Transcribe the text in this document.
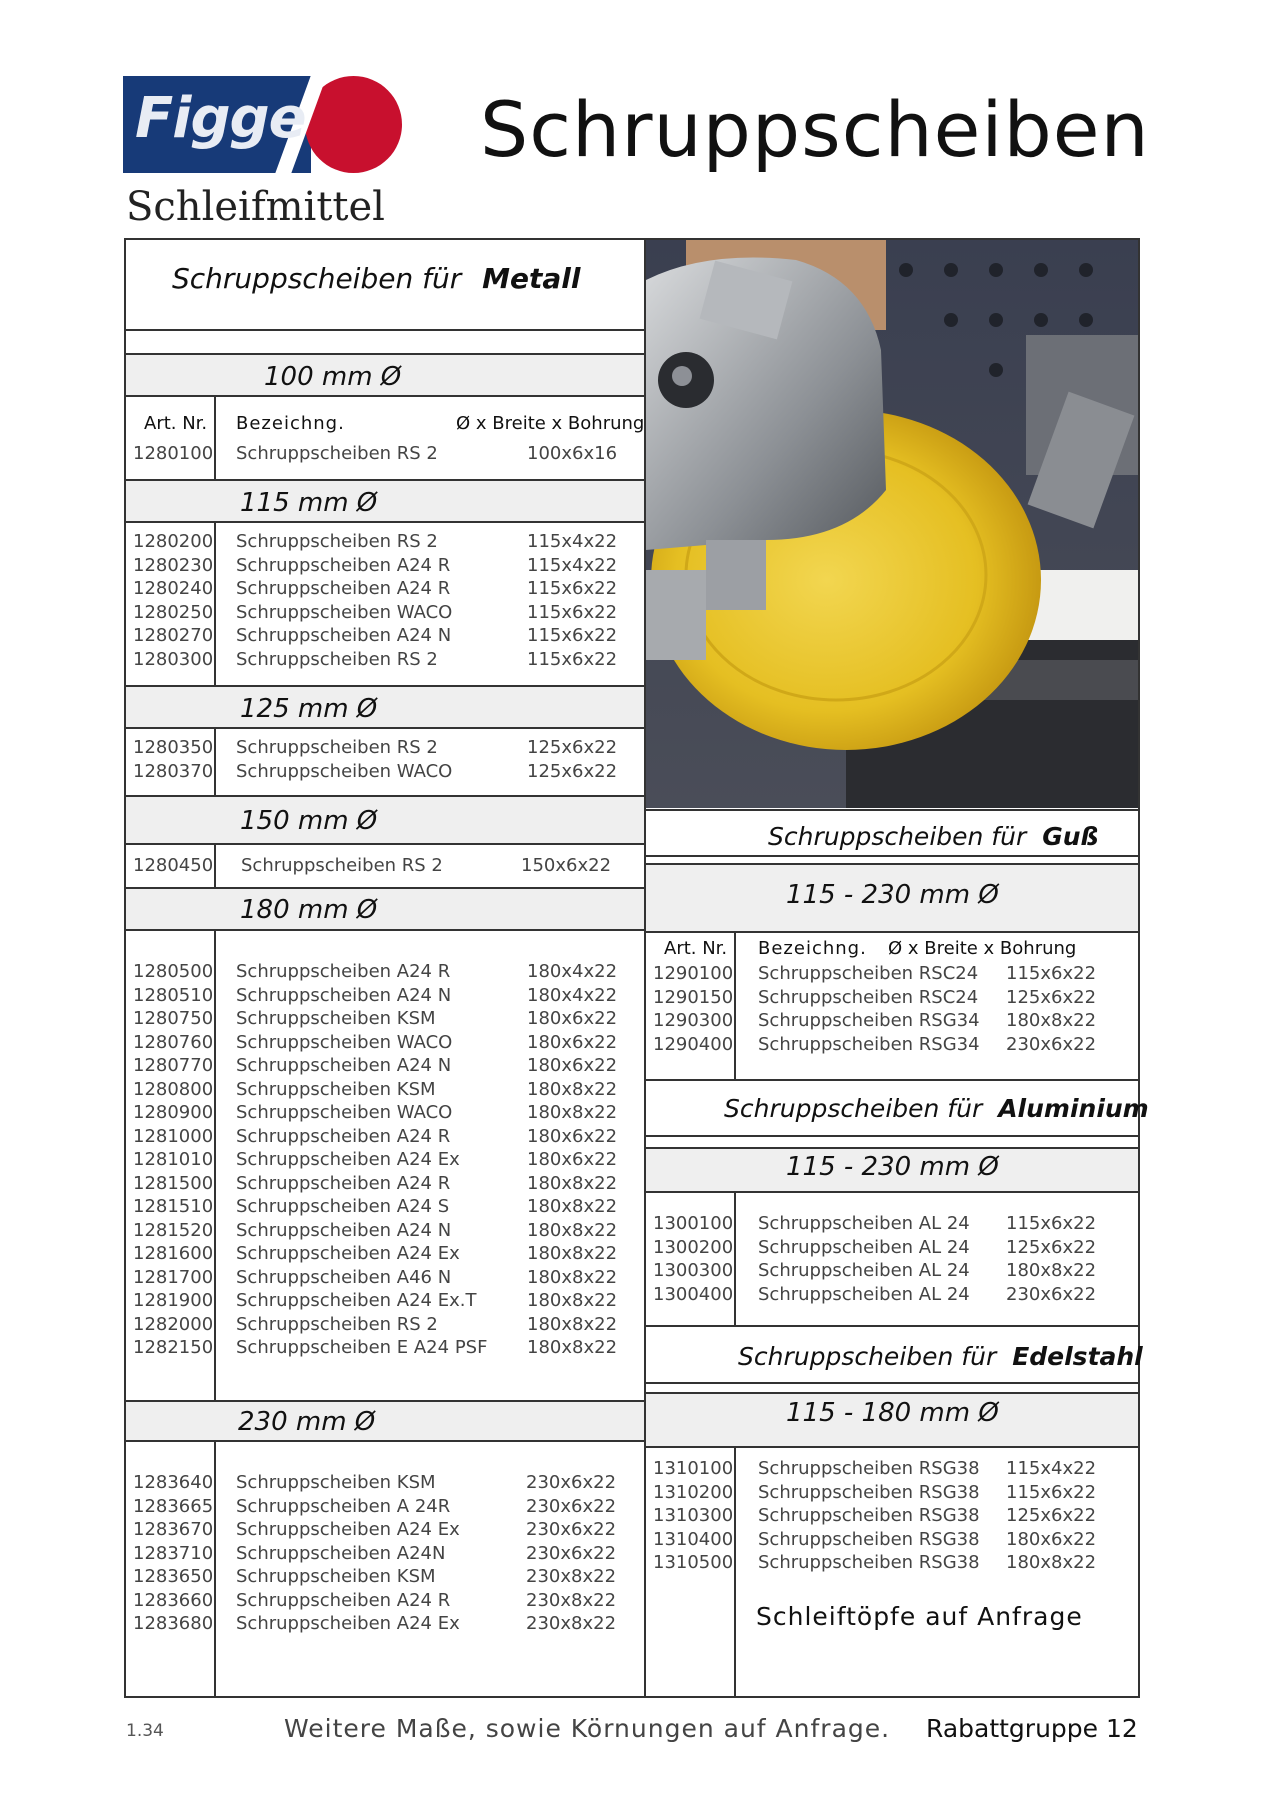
Figge Schruppscheiben
Schleifmittel
Schruppscheiben für Metall
100 mm Ø
Art. Nr. Bezeichng.	Ø x Breite x Bohrung
1280100 Schruppscheiben RS 2	100x6x16
115 mm Ø
1280200 Schruppscheiben RS 2	115x4x22
1280230 Schruppscheiben A24 R	115x4x22
1280240 Schruppscheiben A24 R	115x6x22
1280250 Schruppscheiben WACO	115x6x22
1280270 Schruppscheiben A24 N	115x6x22
1280300 Schruppscheiben RS 2	115x6x22
125 mm Ø
1280350 Schruppscheiben RS 2	125x6x22
1280370 Schruppscheiben WACO	125x6x22
150 mm Ø
1280450 Schruppscheiben RS 2	150x6x22
180 mm Ø
1280500 Schruppscheiben A24 R	180x4x22
1280510 Schruppscheiben A24 N	180x4x22
1280750 Schruppscheiben KSM	180x6x22
1280760 Schruppscheiben WACO	180x6x22
1280770 Schruppscheiben A24 N	180x6x22
1280800 Schruppscheiben KSM	180x8x22
1280900 Schruppscheiben WACO	180x8x22
1281000 Schruppscheiben A24 R	180x6x22
1281010 Schruppscheiben A24 Ex	180x6x22
1281500 Schruppscheiben A24 R	180x8x22
1281510 Schruppscheiben A24 S	180x8x22
1281520 Schruppscheiben A24 N	180x8x22
1281600 Schruppscheiben A24 Ex	180x8x22
1281700 Schruppscheiben A46 N	180x8x22
1281900 Schruppscheiben A24 Ex.T	180x8x22
1282000 Schruppscheiben RS 2	180x8x22
1282150 Schruppscheiben E A24 PSF 180x8x22
230 mm Ø
1283640 Schruppscheiben KSM	230x6x22
1283665 Schruppscheiben A 24R	230x6x22
1283670 Schruppscheiben A24 Ex	230x6x22
1283710 Schruppscheiben A24N	230x6x22
1283650 Schruppscheiben KSM	230x8x22
1283660 Schruppscheiben A24 R	230x8x22
1283680 Schruppscheiben A24 Ex	230x8x22
Schruppscheiben für Guß
115 - 230 mm Ø
Art. Nr. Bezeichng. Ø x Breite x Bohrung
1290100 Schruppscheiben RSC24 115x6x22
1290150 Schruppscheiben RSC24 125x6x22
1290300 Schruppscheiben RSG34 180x8x22
1290400 Schruppscheiben RSG34 230x6x22
Schruppscheiben für Aluminium
115 - 230 mm Ø
1300100 Schruppscheiben AL 24 115x6x22
1300200 Schruppscheiben AL 24 125x6x22
1300300 Schruppscheiben AL 24 180x8x22
1300400 Schruppscheiben AL 24 230x6x22
Schruppscheiben für Edelstahl
115 - 180 mm Ø
1310100 Schruppscheiben RSG38 115x4x22
1310200 Schruppscheiben RSG38 115x6x22
1310300 Schruppscheiben RSG38 125x6x22
1310400 Schruppscheiben RSG38 180x6x22
1310500 Schruppscheiben RSG38 180x8x22
Schleiftöpfe auf Anfrage
1.34	Weitere Maße, sowie Körnungen auf Anfrage. Rabattgruppe 12
